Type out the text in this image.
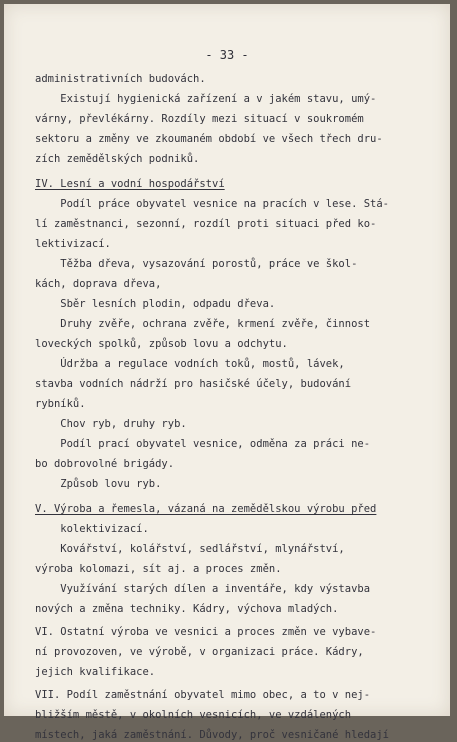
- 33 -
administrativních budovách.
Existují hygienická zařízení a v jakém stavu, umý-
várny, převlékárny. Rozdíly mezi situací v soukromém
sektoru a změny ve zkoumaném období ve všech třech dru-
zích zemědělských podniků.
IV. Lesní a vodní hospodářství
Podíl práce obyvatel vesnice na pracích v lese. Stá-
lí zaměstnanci, sezonní, rozdíl proti situaci před ko-
lektivizací.
Těžba dřeva, vysazování porostů, práce ve škol-
kách, doprava dřeva,
Sběr lesních plodin, odpadu dřeva.
Druhy zvěře, ochrana zvěře, krmení zvěře, činnost
loveckých spolků, způsob lovu a odchytu.
Údržba a regulace vodních toků, mostů, lávek,
stavba vodních nádrží pro hasičské účely, budování
rybníků.
Chov ryb, druhy ryb.
Podíl prací obyvatel vesnice, odměna za práci ne-
bo dobrovolné brigády.
Způsob lovu ryb.
V. Výroba a řemesla, vázaná na zemědělskou výrobu před
kolektivizací.
Kovářství, kolářství, sedlářství, mlynářství,
výroba kolomazi, sít aj. a proces změn.
Využívání starých dílen a inventáře, kdy výstavba
nových a změna techniky. Kádry, výchova mladých.
VI. Ostatní výroba ve vesnici a proces změn ve vybave-
ní provozoven, ve výrobě, v organizaci práce. Kádry,
jejich kvalifikace.
VII. Podíl zaměstnání obyvatel mimo obec, a to v nej-
bližším městě, v okolních vesnicích, ve vzdálených
místech, jaká zaměstnání. Důvody, proč vesničané hledají
